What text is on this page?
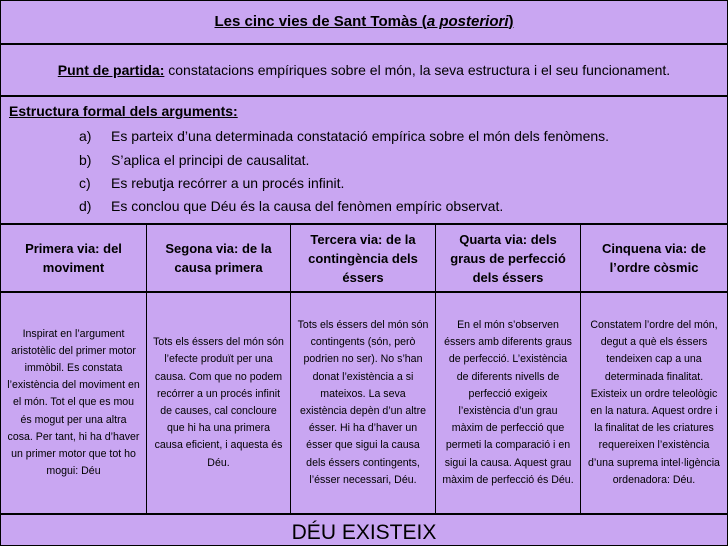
Les cinc vies de Sant Tomàs (a posteriori)
Punt de partida: constatacions empíriques sobre el món, la seva estructura i el seu funcionament.
Estructura formal dels arguments:
a) Es parteix d’una determinada constatació empírica sobre el món dels fenòmens.
b) S’aplica el principi de causalitat.
c) Es rebutja recórrer a un procés infinit.
d) Es conclou que Déu és la causa del fenòmen empíric observat.
Primera via: del moviment
Segona via: de la causa primera
Tercera via: de la contingència dels éssers
Quarta via: dels graus de perfecció dels éssers
Cinquena via: de l’ordre còsmic
Inspirat en l’argument aristotèlic del primer motor immòbil. Es constata l’existència del moviment en el món. Tot el que es mou és mogut per una altra cosa. Per tant, hi ha d’haver un primer motor que tot ho mogui: Déu
Tots els éssers del món són l’efecte produït per una causa. Com que no podem recórrer a un procés infinit de causes, cal concloure que hi ha una primera causa eficient, i aquesta és Déu.
Tots els éssers del món són contingents (són, però podrien no ser). No s’han donat l’existència a si mateixos. La seva existència depèn d’un altre ésser. Hi ha d’haver un ésser que sigui la causa dels éssers contingents, l’ésser necessari, Déu.
En el món s’observen éssers amb diferents graus de perfecció. L’existència de diferents nivells de perfecció exigeix l’existència d’un grau màxim de perfecció que permeti la comparació i en sigui la causa. Aquest grau màxim de perfecció és Déu.
Constatem l’ordre del món, degut a què els éssers tendeixen cap a una determinada finalitat. Existeix un ordre teleològic en la natura. Aquest ordre i la finalitat de les criatures requereixen l’existència d’una suprema intel·ligència ordenadora: Déu.
DÉU EXISTEIX
